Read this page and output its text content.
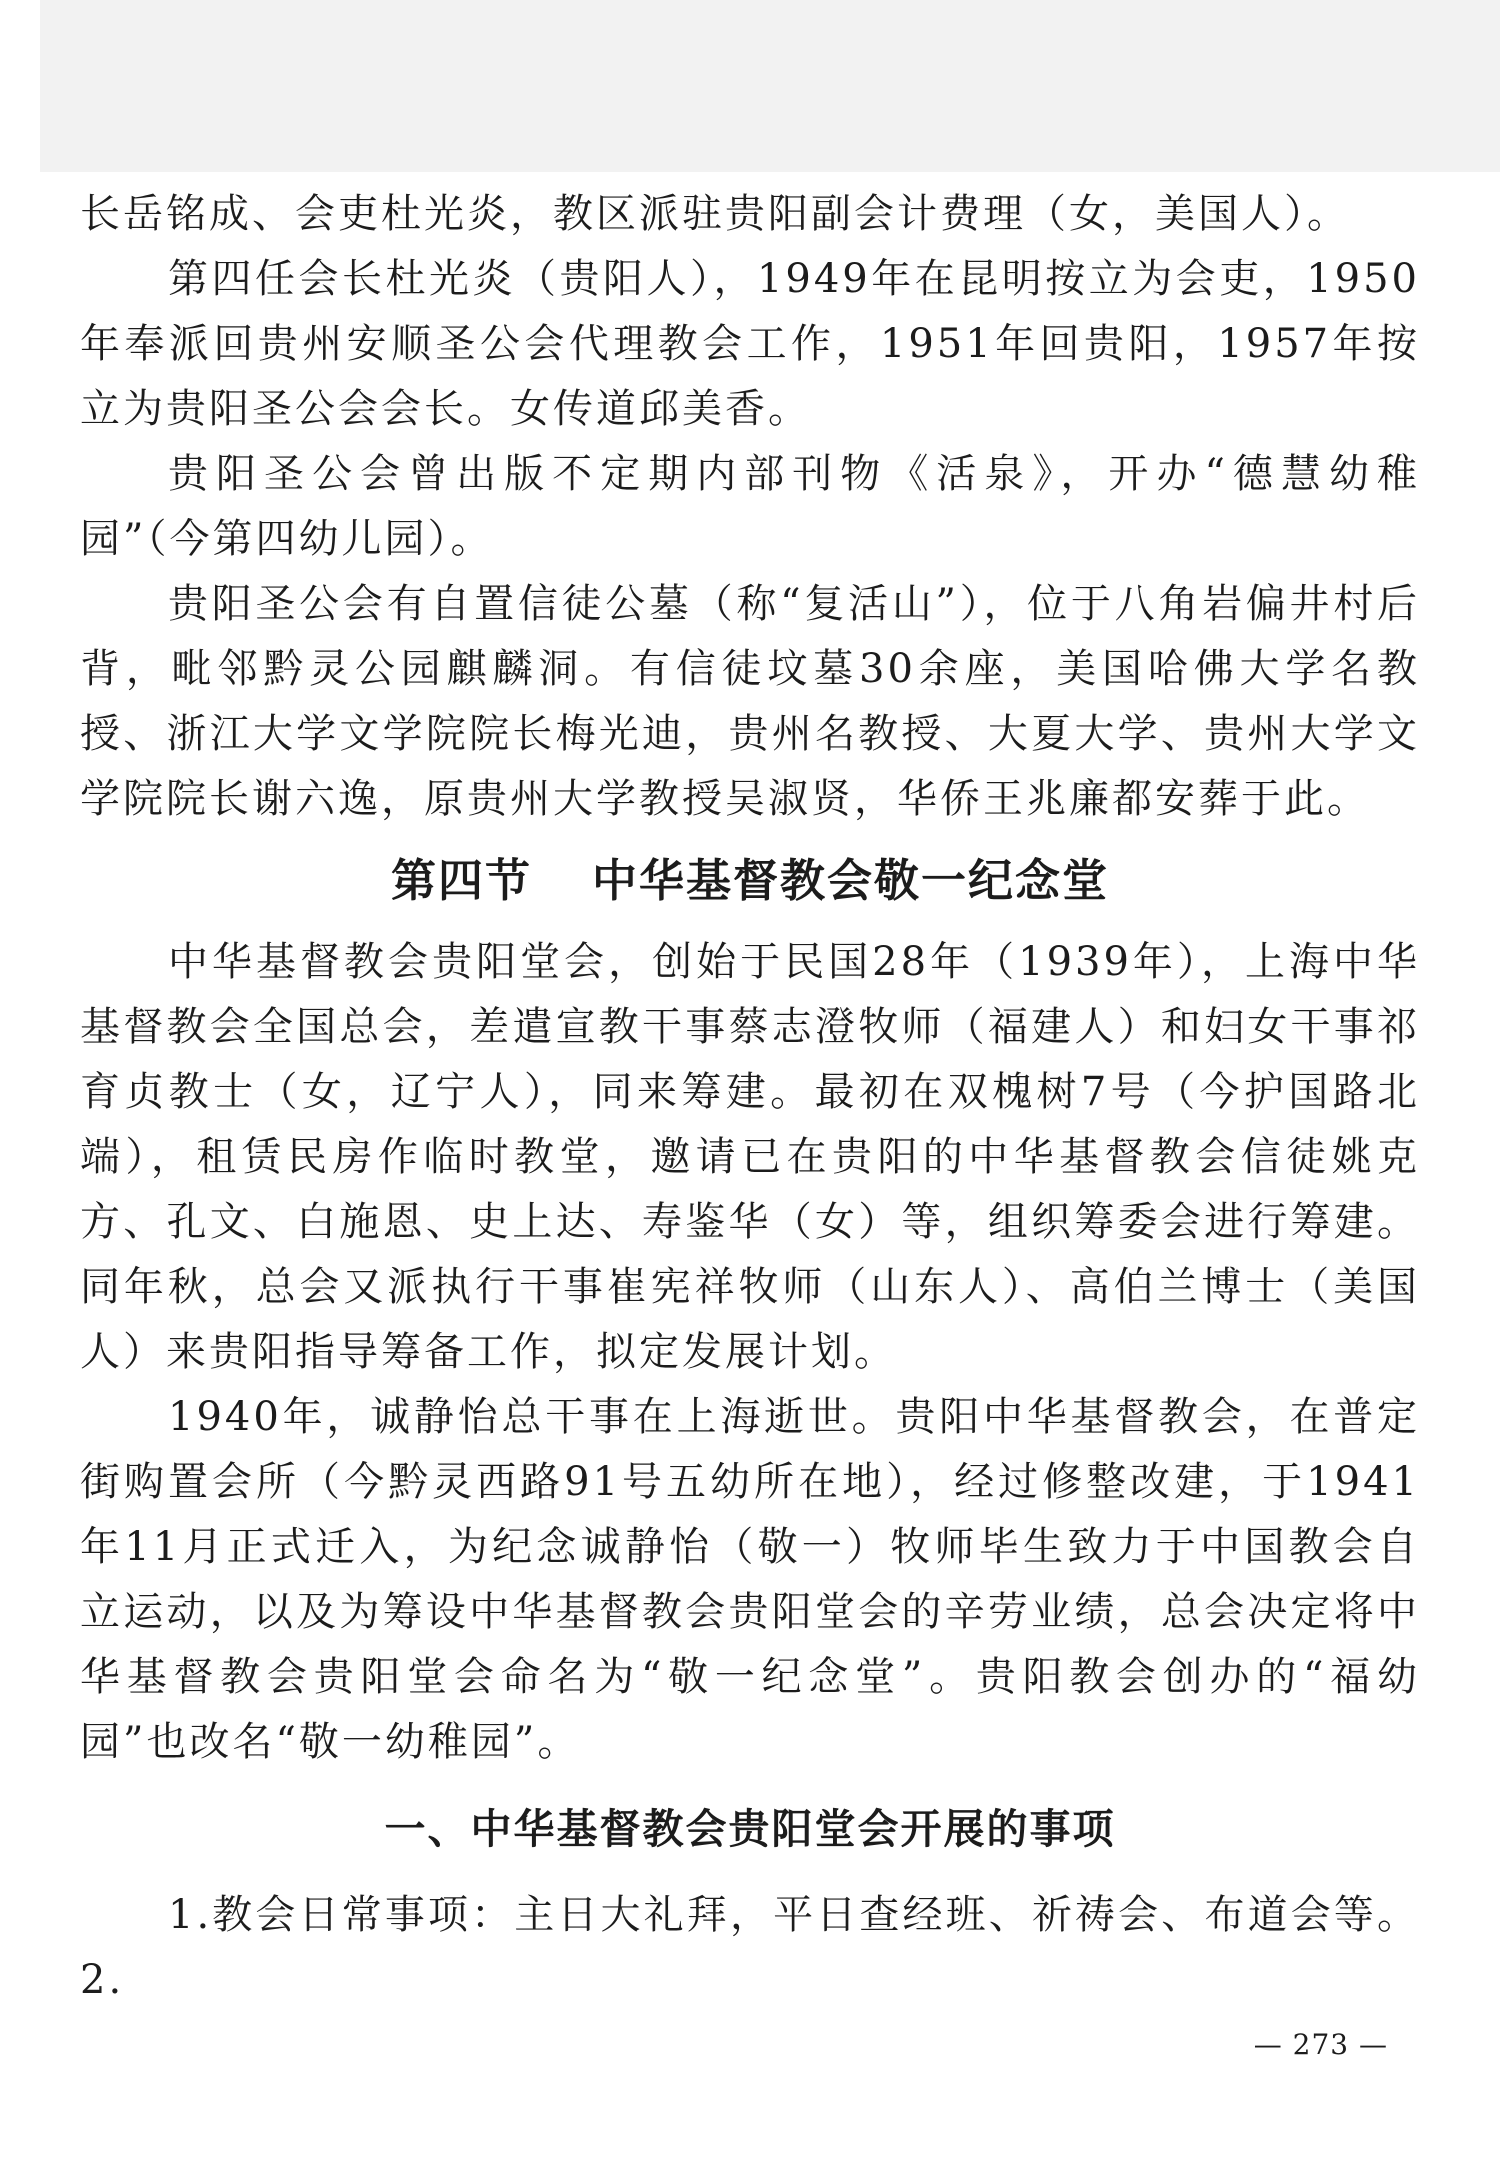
长岳铭成、会吏杜光炎，教区派驻贵阳副会计费理（女，美国人）。

第四任会长杜光炎（贵阳人），1949年在昆明按立为会吏，1950年奉派回贵州安顺圣公会代理教会工作，1951年回贵阳，1957年按立为贵阳圣公会会长。女传道邱美香。

贵阳圣公会曾出版不定期内部刊物《活泉》，开办“德慧幼稚园”（今第四幼儿园）。

贵阳圣公会有自置信徒公墓（称“复活山”），位于八角岩偏井村后背，毗邻黔灵公园麒麟洞。有信徒坟墓30余座，美国哈佛大学名教授、浙江大学文学院院长梅光迪，贵州名教授、大夏大学、贵州大学文学院院长谢六逸，原贵州大学教授吴淑贤，华侨王兆廉都安葬于此。

第四节 中华基督教会敬一纪念堂

中华基督教会贵阳堂会，创始于民国28年（1939年），上海中华基督教会全国总会，差遣宣教干事蔡志澄牧师（福建人）和妇女干事祁育贞教士（女，辽宁人），同来筹建。最初在双槐树7号（今护国路北端），租赁民房作临时教堂，邀请已在贵阳的中华基督教会信徒姚克方、孔文、白施恩、史上达、寿鉴华（女）等，组织筹委会进行筹建。同年秋，总会又派执行干事崔宪祥牧师（山东人）、高伯兰博士（美国人）来贵阳指导筹备工作，拟定发展计划。

1940年，诚静怡总干事在上海逝世。贵阳中华基督教会，在普定街购置会所（今黔灵西路91号五幼所在地），经过修整改建，于1941年11月正式迁入，为纪念诚静怡（敬一）牧师毕生致力于中国教会自立运动，以及为筹设中华基督教会贵阳堂会的辛劳业绩，总会决定将中华基督教会贵阳堂会命名为“敬一纪念堂”。贵阳教会创办的“福幼园”也改名“敬一幼稚园”。

一、中华基督教会贵阳堂会开展的事项

1.教会日常事项：主日大礼拜，平日查经班、祈祷会、布道会等。2.

— 273 —
